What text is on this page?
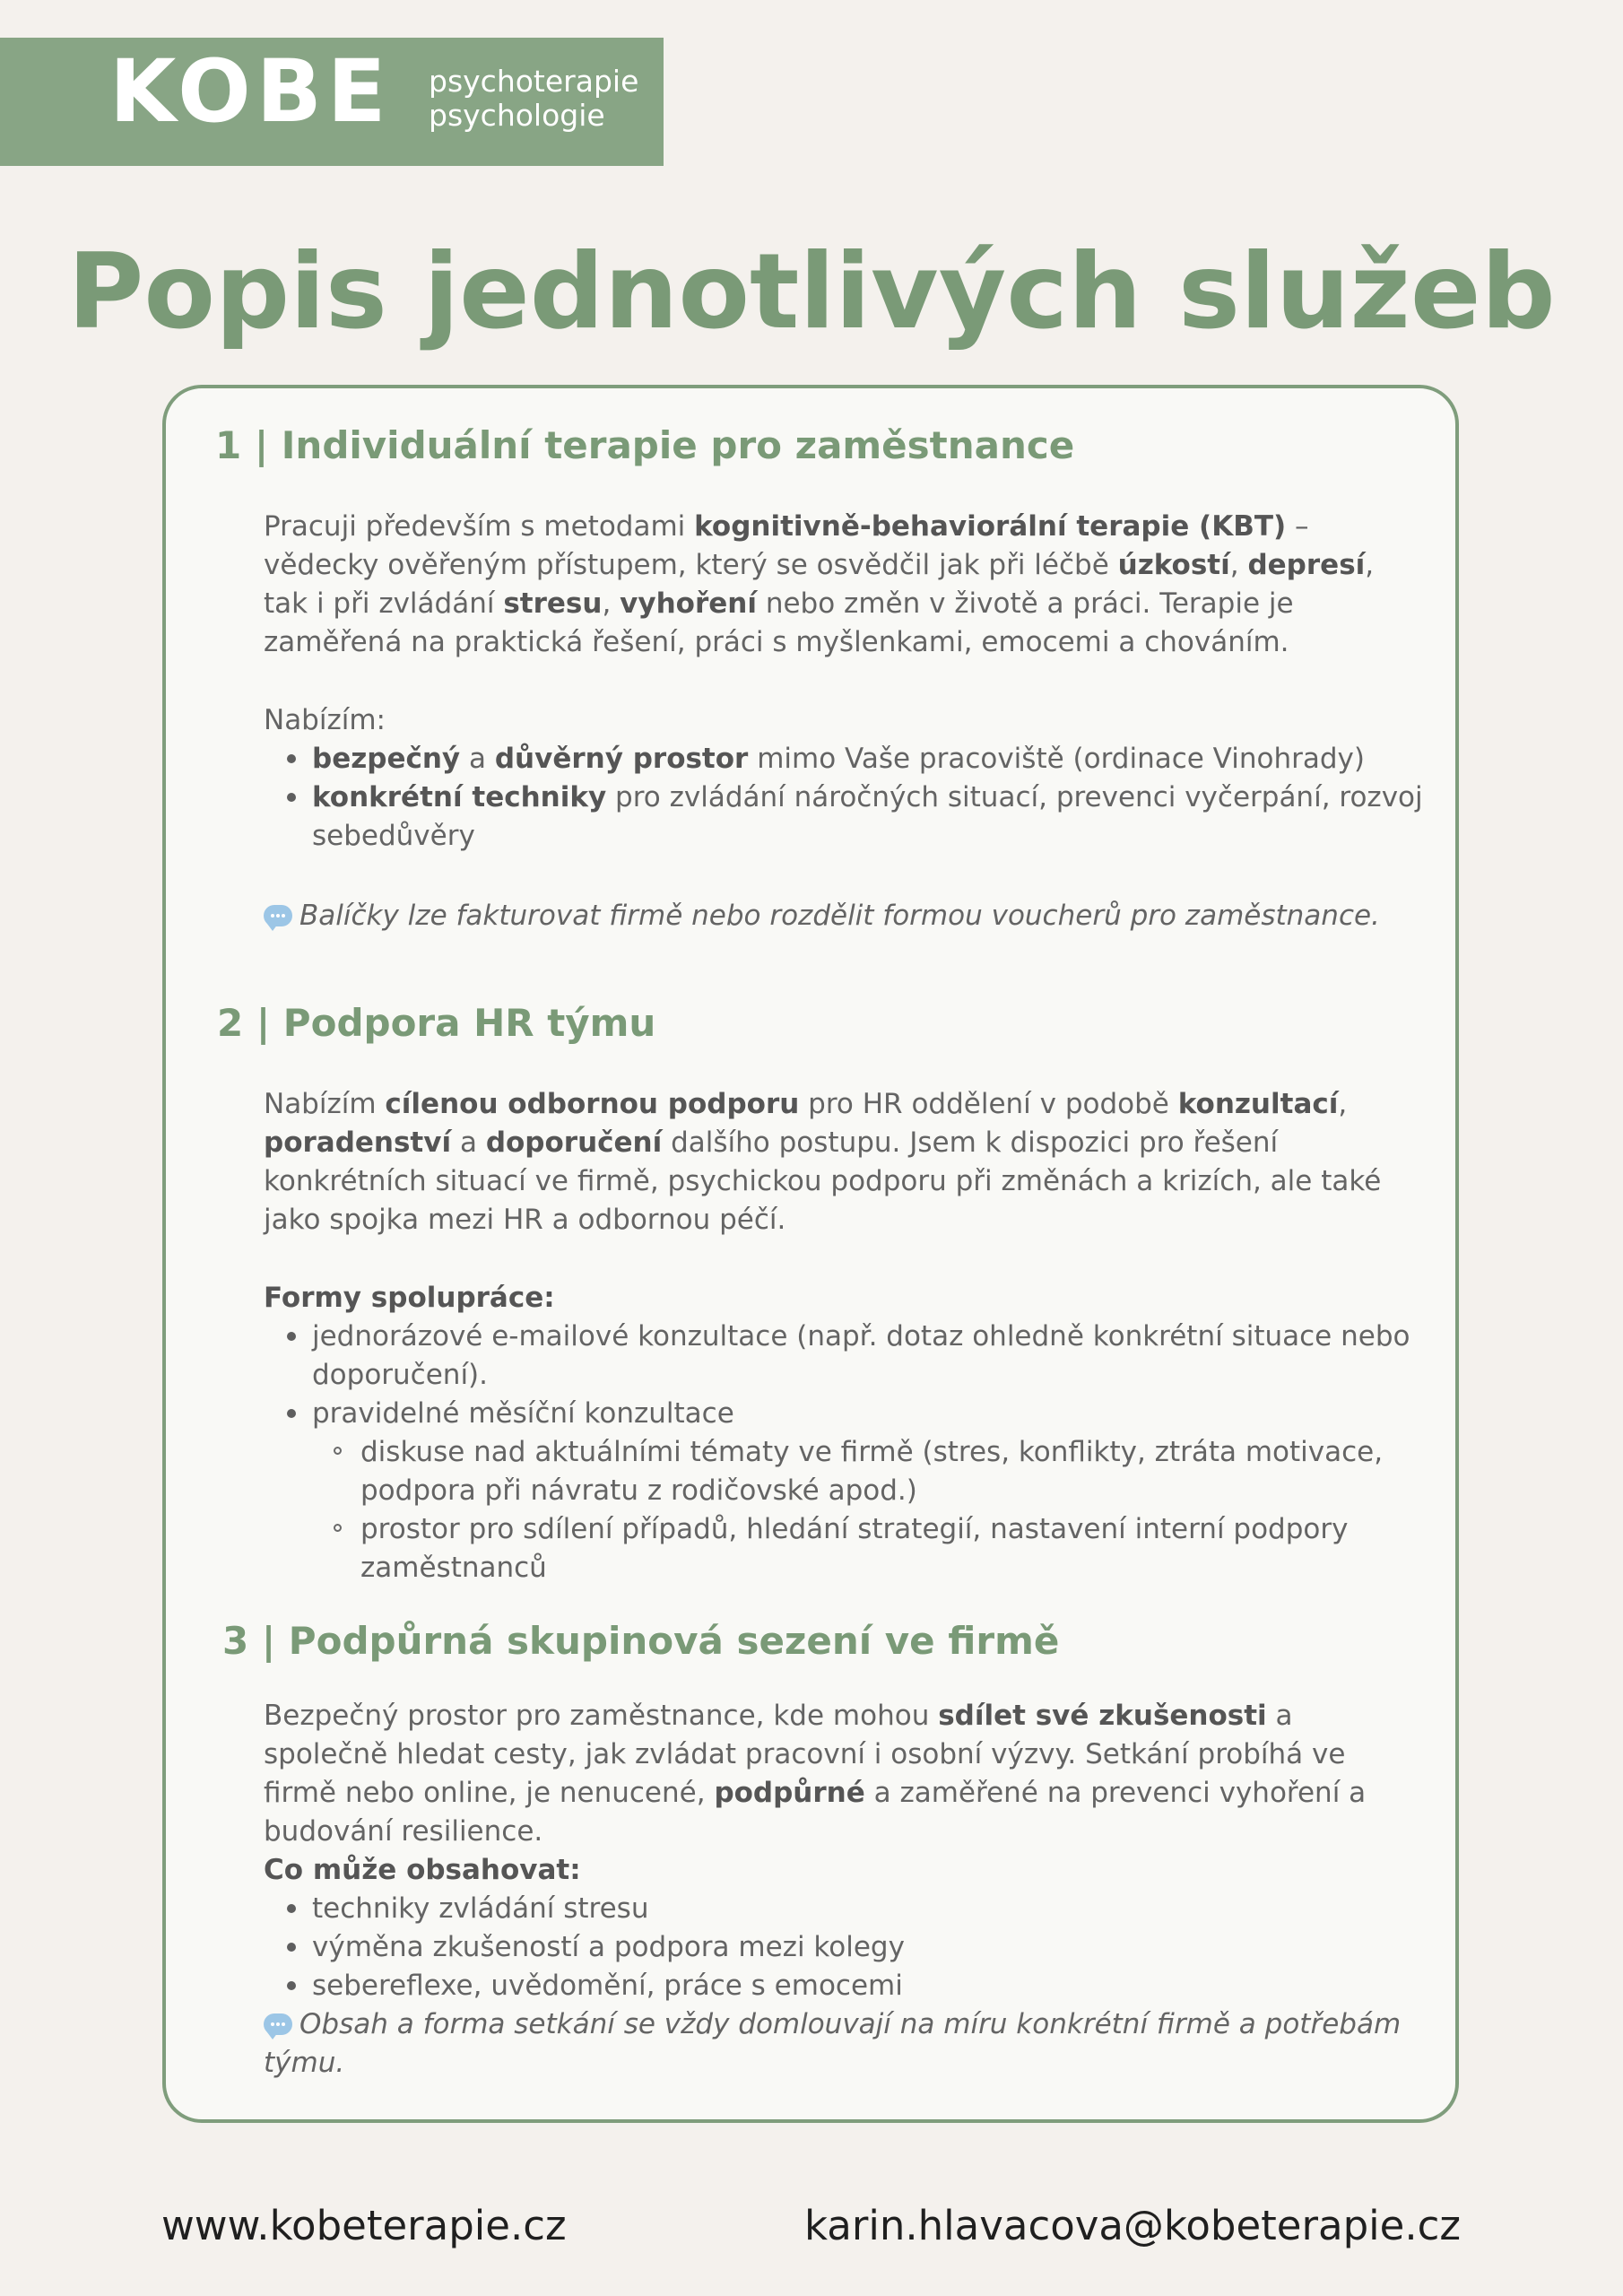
KOBE psychoterapie
psychologie
Popis jednotlivých služeb
1 | Individuální terapie pro zaměstnance

Pracuji především s metodami kognitivně-behaviorální terapie (KBT) – vědecky ověřeným přístupem, který se osvědčil jak při léčbě úzkostí, depresí, tak i při zvládání stresu, vyhoření nebo změn v životě a práci. Terapie je zaměřená na praktická řešení, práci s myšlenkami, emocemi a chováním.

Nabízím:

bezpečný a důvěrný prostor mimo Vaše pracoviště (ordinace Vinohrady)
konkrétní techniky pro zvládání náročných situací, prevenci vyčerpání, rozvoj sebedůvěry
Balíčky lze fakturovat firmě nebo rozdělit formou voucherů pro zaměstnance.
2 | Podpora HR týmu

Nabízím cílenou odbornou podporu pro HR oddělení v podobě konzultací,
poradenství a doporučení dalšího postupu. Jsem k dispozici pro řešení konkrétních situací ve firmě, psychickou podporu při změnách a krizích, ale také jako spojka mezi HR a odbornou péčí.

Formy spolupráce:

jednorázové e-mailové konzultace (např. dotaz ohledně konkrétní situace nebo doporučení).
pravidelné měsíční konzultace
diskuse nad aktuálními tématy ve firmě (stres, konflikty, ztráta motivace, podpora při návratu z rodičovské apod.)
prostor pro sdílení případů, hledání strategií, nastavení interní podpory zaměstnanců
3 | Podpůrná skupinová sezení ve firmě

Bezpečný prostor pro zaměstnance, kde mohou sdílet své zkušenosti a společně hledat cesty, jak zvládat pracovní i osobní výzvy. Setkání probíhá ve firmě nebo online, je nenucené, podpůrné a zaměřené na prevenci vyhoření a budování resilience.

Co může obsahovat:

techniky zvládání stresu
výměna zkušeností a podpora mezi kolegy
sebereflexe, uvědomění, práce s emocemi

Obsah a forma setkání se vždy domlouvají na míru konkrétní firmě a potřebám týmu.

www.kobeterapie.cz	karin.hlavacova@kobeterapie.cz
